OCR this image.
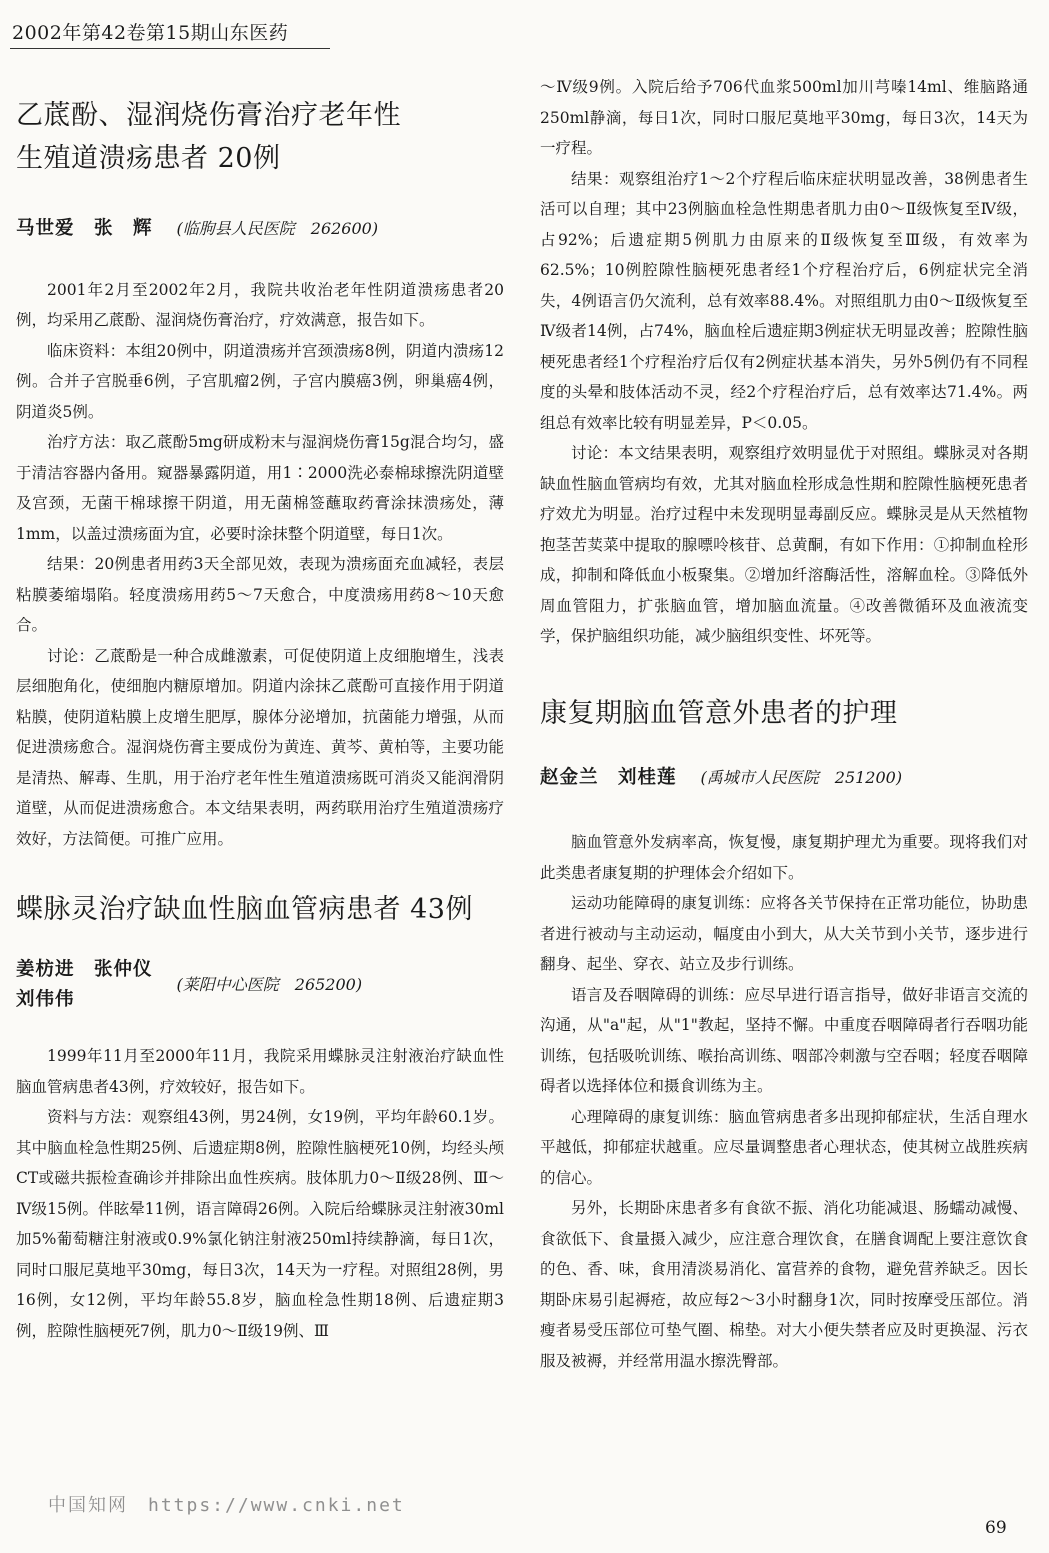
2002年第42卷第15期山东医药
乙菧酚、湿润烧伤膏治疗老年性
生殖道溃疡患者 20例
马世爱　张　辉 (临朐县人民医院　262600)

2001年2月至2002年2月，我院共收治老年性阴道溃疡患者20例，均采用乙菧酚、湿润烧伤膏治疗，疗效满意，报告如下。

临床资料：本组20例中，阴道溃疡并宫颈溃疡8例，阴道内溃疡12例。合并子宫脱垂6例，子宫肌瘤2例，子宫内膜癌3例，卵巢癌4例，阴道炎5例。

治疗方法：取乙菧酚5mg研成粉末与湿润烧伤膏15g混合均匀，盛于清洁容器内备用。窥器暴露阴道，用1∶2000洗必泰棉球擦洗阴道壁及宫颈，无菌干棉球擦干阴道，用无菌棉签蘸取药膏涂抹溃疡处，薄1mm，以盖过溃疡面为宜，必要时涂抹整个阴道壁，每日1次。

结果：20例患者用药3天全部见效，表现为溃疡面充血减轻，表层粘膜萎缩塌陷。轻度溃疡用药5～7天愈合，中度溃疡用药8～10天愈合。

讨论：乙菧酚是一种合成雌激素，可促使阴道上皮细胞增生，浅表层细胞角化，使细胞内糖原增加。阴道内涂抹乙菧酚可直接作用于阴道粘膜，使阴道粘膜上皮增生肥厚，腺体分泌增加，抗菌能力增强，从而促进溃疡愈合。湿润烧伤膏主要成份为黄连、黄芩、黄柏等，主要功能是清热、解毒、生肌，用于治疗老年性生殖道溃疡既可消炎又能润滑阴道壁，从而促进溃疡愈合。本文结果表明，两药联用治疗生殖道溃疡疗效好，方法简便。可推广应用。

蝶脉灵治疗缺血性脑血管病患者 43例
姜枋进　张仲仪
刘伟伟
(莱阳中心医院　265200)

1999年11月至2000年11月，我院采用蝶脉灵注射液治疗缺血性脑血管病患者43例，疗效较好，报告如下。

资料与方法：观察组43例，男24例，女19例，平均年龄60.1岁。其中脑血栓急性期25例、后遗症期8例，腔隙性脑梗死10例，均经头颅CT或磁共振检查确诊并排除出血性疾病。肢体肌力0～Ⅱ级28例、Ⅲ～Ⅳ级15例。伴眩晕11例，语言障碍26例。入院后给蝶脉灵注射液30ml加5%葡萄糖注射液或0.9%氯化钠注射液250ml持续静滴，每日1次，同时口服尼莫地平30mg，每日3次，14天为一疗程。对照组28例，男16例，女12例，平均年龄55.8岁，脑血栓急性期18例、后遗症期3例，腔隙性脑梗死7例，肌力0～Ⅱ级19例、Ⅲ

～Ⅳ级9例。入院后给予706代血浆500ml加川芎嗪14ml、维脑路通250ml静滴，每日1次，同时口服尼莫地平30mg，每日3次，14天为一疗程。

结果：观察组治疗1～2个疗程后临床症状明显改善，38例患者生活可以自理；其中23例脑血栓急性期患者肌力由0～Ⅱ级恢复至Ⅳ级，占92%；后遗症期5例肌力由原来的Ⅱ级恢复至Ⅲ级，有效率为62.5%；10例腔隙性脑梗死患者经1个疗程治疗后，6例症状完全消失，4例语言仍欠流利，总有效率88.4%。对照组肌力由0～Ⅱ级恢复至Ⅳ级者14例，占74%，脑血栓后遗症期3例症状无明显改善；腔隙性脑梗死患者经1个疗程治疗后仅有2例症状基本消失，另外5例仍有不同程度的头晕和肢体活动不灵，经2个疗程治疗后，总有效率达71.4%。两组总有效率比较有明显差异，P＜0.05。

讨论：本文结果表明，观察组疗效明显优于对照组。蝶脉灵对各期缺血性脑血管病均有效，尤其对脑血栓形成急性期和腔隙性脑梗死患者疗效尤为明显。治疗过程中未发现明显毒副反应。蝶脉灵是从天然植物抱茎苦荬菜中提取的腺嘌呤核苷、总黄酮，有如下作用：①抑制血栓形成，抑制和降低血小板聚集。②增加纤溶酶活性，溶解血栓。③降低外周血管阻力，扩张脑血管，增加脑血流量。④改善微循环及血液流变学，保护脑组织功能，减少脑组织变性、坏死等。

康复期脑血管意外患者的护理
赵金兰　刘桂莲 (禹城市人民医院　251200)

脑血管意外发病率高，恢复慢，康复期护理尤为重要。现将我们对此类患者康复期的护理体会介绍如下。

运动功能障碍的康复训练：应将各关节保持在正常功能位，协助患者进行被动与主动运动，幅度由小到大，从大关节到小关节，逐步进行翻身、起坐、穿衣、站立及步行训练。

语言及吞咽障碍的训练：应尽早进行语言指导，做好非语言交流的沟通，从"a"起，从"1"教起，坚持不懈。中重度吞咽障碍者行吞咽功能训练，包括吸吮训练、喉抬高训练、咽部冷刺激与空吞咽；轻度吞咽障碍者以选择体位和摄食训练为主。

心理障碍的康复训练：脑血管病患者多出现抑郁症状，生活自理水平越低，抑郁症状越重。应尽量调整患者心理状态，使其树立战胜疾病的信心。

另外，长期卧床患者多有食欲不振、消化功能减退、肠蠕动减慢、食欲低下、食量摄入减少，应注意合理饮食，在膳食调配上要注意饮食的色、香、味，食用清淡易消化、富营养的食物，避免营养缺乏。因长期卧床易引起褥疮，故应每2～3小时翻身1次，同时按摩受压部位。消瘦者易受压部位可垫气圈、棉垫。对大小便失禁者应及时更换湿、污衣服及被褥，并经常用温水擦洗臀部。

中国知网　https://www.cnki.net
69
